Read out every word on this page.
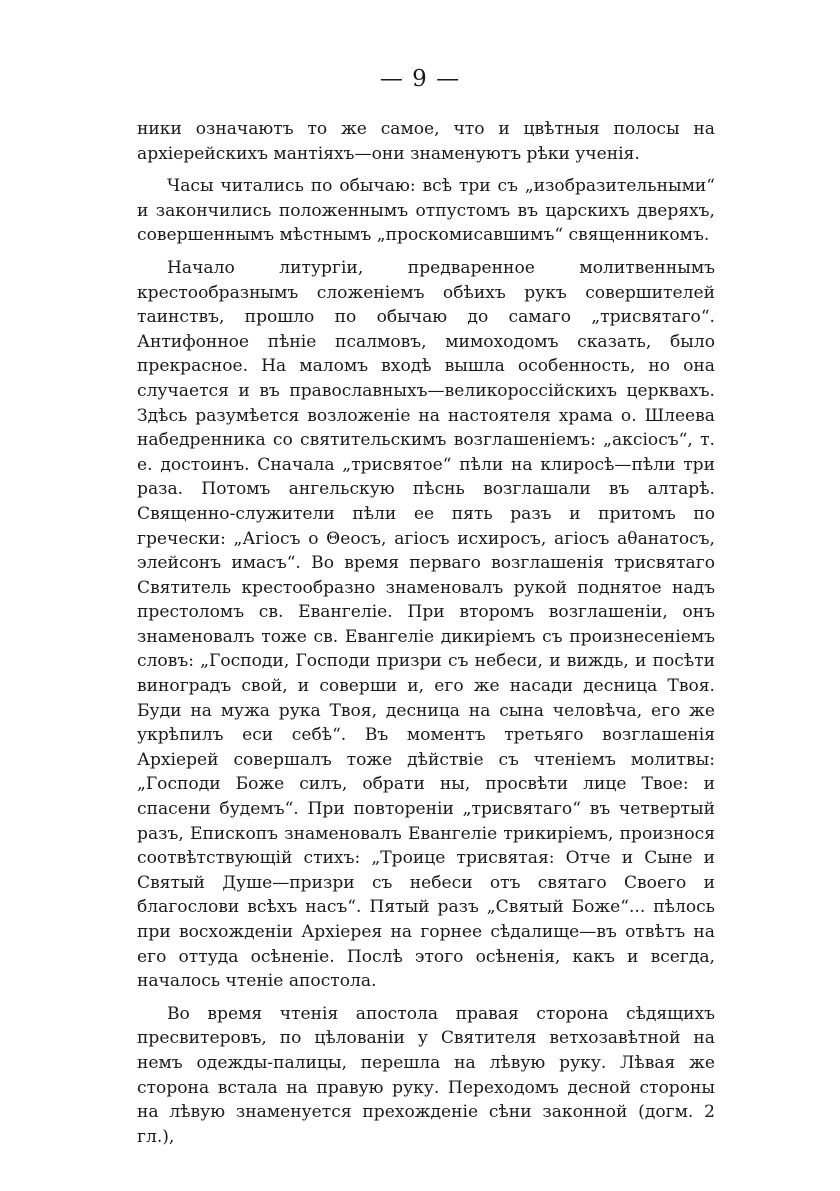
— 9 —

ники означаютъ то же самое, что и цвѣтныя полосы на архіерейскихъ мантіяхъ—они знаменуютъ рѣки ученія.

Часы читались по обычаю: всѣ три съ „изобразительными“ и закончились положеннымъ отпустомъ въ царскихъ дверяхъ, совершеннымъ мѣстнымъ „проскомисавшимъ“ священникомъ.

Начало литургіи, предваренное молитвеннымъ крестообразнымъ сложеніемъ обѣихъ рукъ совершителей таинствъ, прошло по обычаю до самаго „трисвятаго“. Антифонное пѣніе псалмовъ, мимоходомъ сказать, было прекрасное. На маломъ входѣ вышла особенность, но она случается и въ православныхъ—великороссійскихъ церквахъ. Здѣсь разумѣется возложеніе на настоятеля храма о. Шлеева набедренника со святительскимъ возглашеніемъ: „аксіосъ“, т. е. достоинъ. Сначала „трисвятое“ пѣли на клиросѣ—пѣли три раза. Потомъ ангельскую пѣснь возглашали въ алтарѣ. Священно-служители пѣли ее пять разъ и притомъ по гречески: „Агіосъ о Θеосъ, агіосъ исхиросъ, агіосъ аθанатосъ, элейсонъ имасъ“. Во время перваго возглашенія трисвятаго Святитель крестообразно знаменовалъ рукой поднятое надъ престоломъ св. Евангеліе. При второмъ возглашеніи, онъ знаменовалъ тоже св. Евангеліе дикиріемъ съ произнесеніемъ словъ: „Господи, Господи призри съ небеси, и виждь, и посѣти виноградъ свой, и соверши и, его же насади десница Твоя. Буди на мужа рука Твоя, десница на сына человѣча, его же укрѣпилъ еси себѣ“. Въ моментъ третьяго возглашенія Архіерей совершалъ тоже дѣйствіе съ чтеніемъ молитвы: „Господи Боже силъ, обрати ны, просвѣти лице Твое: и спасени будемъ“. При повтореніи „трисвятаго“ въ четвертый разъ, Епископъ знаменовалъ Евангеліе трикиріемъ, произнося соотвѣтствующій стихъ: „Троице трисвятая: Отче и Сыне и Святый Душе—призри съ небеси отъ святаго Своего и благослови всѣхъ насъ“. Пятый разъ „Святый Боже“... пѣлось при восхожденіи Архіерея на горнее сѣдалище—въ отвѣтъ на его оттуда осѣненіе. Послѣ этого осѣненія, какъ и всегда, началось чтеніе апостола.

Во время чтенія апостола правая сторона сѣдящихъ пресвитеровъ, по цѣлованіи у Святителя ветхозавѣтной на немъ одежды-палицы, перешла на лѣвую руку. Лѣвая же сторона встала на правую руку. Переходомъ десной стороны на лѣвую знаменуется прехожденіе сѣни законной (догм. 2 гл.),
